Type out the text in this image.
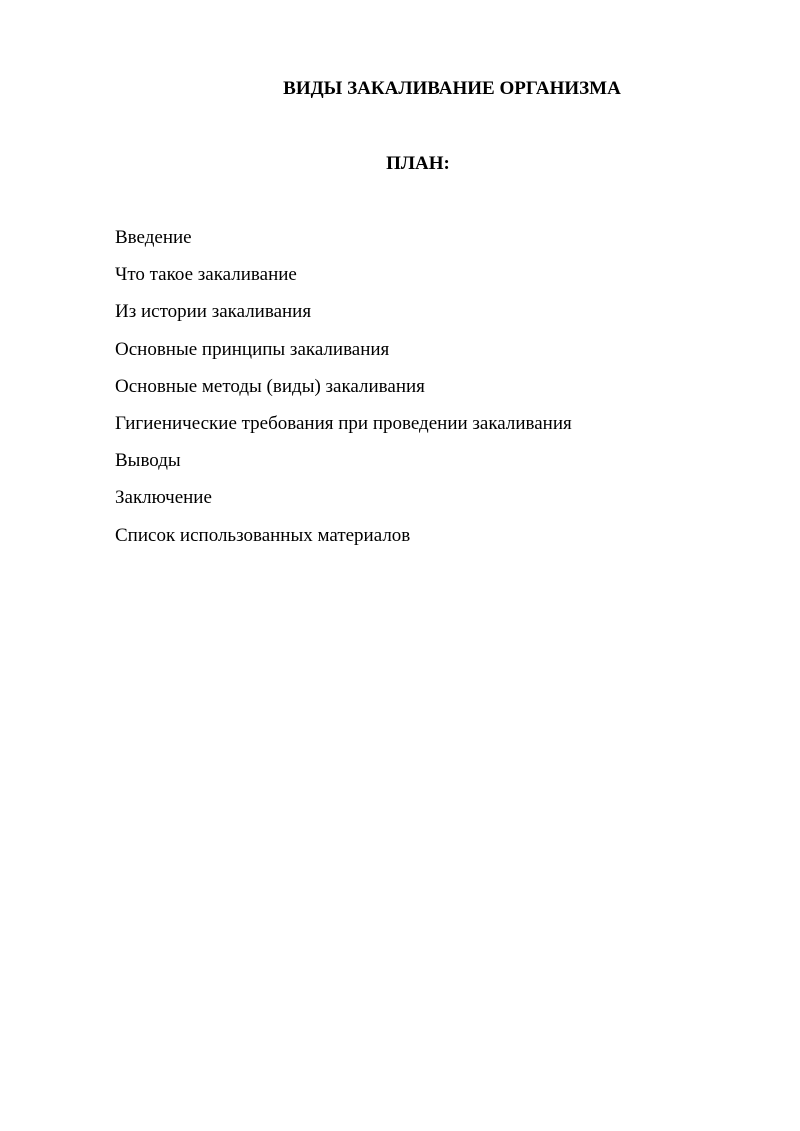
ВИДЫ ЗАКАЛИВАНИЕ ОРГАНИЗМА
ПЛАН:
Введение
Что такое закаливание
Из истории закаливания
Основные принципы закаливания
Основные методы (виды) закаливания
Гигиенические требования при проведении закаливания
Выводы
Заключение
Список использованных материалов
